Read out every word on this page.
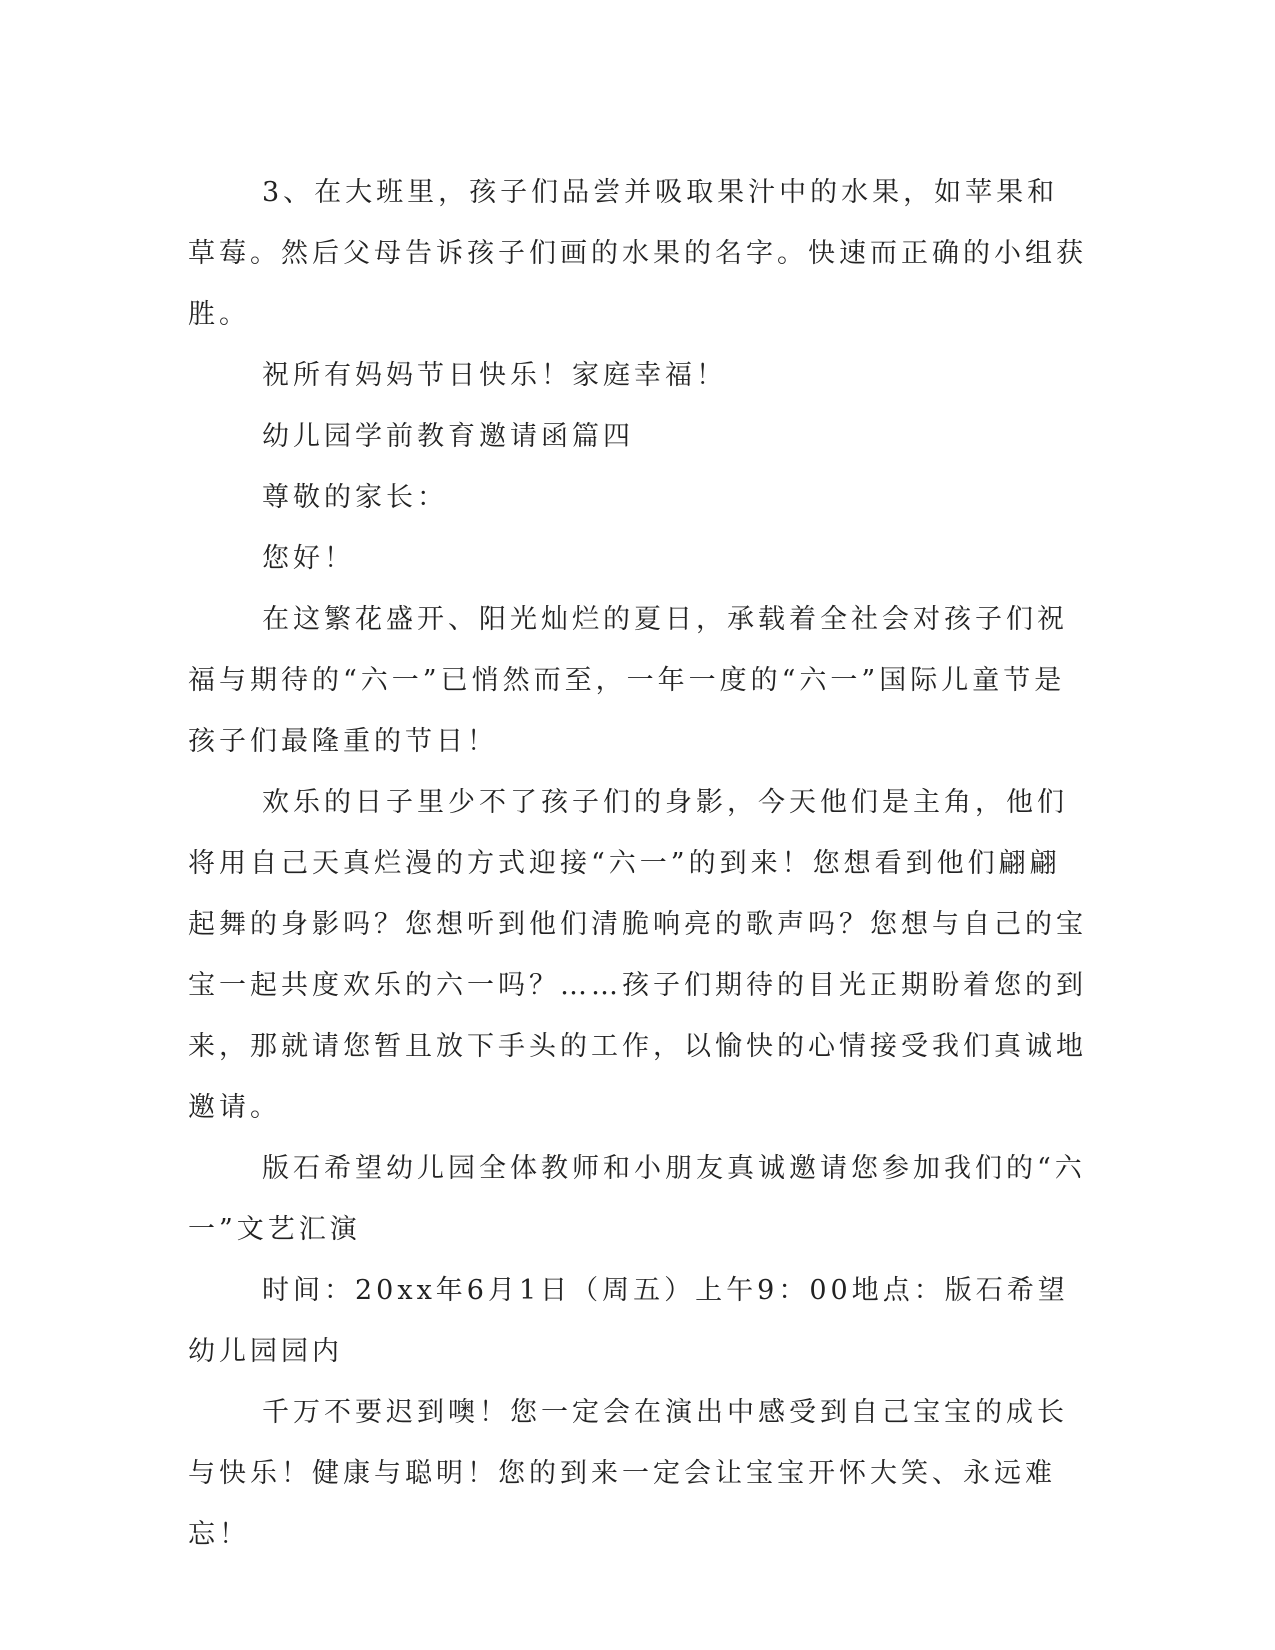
3、在大班里，孩子们品尝并吸取果汁中的水果，如苹果和草莓。然后父母告诉孩子们画的水果的名字。快速而正确的小组获胜。

祝所有妈妈节日快乐！家庭幸福！

幼儿园学前教育邀请函篇四

尊敬的家长：

您好！

在这繁花盛开、阳光灿烂的夏日，承载着全社会对孩子们祝福与期待的“六一”已悄然而至，一年一度的“六一”国际儿童节是孩子们最隆重的节日！

欢乐的日子里少不了孩子们的身影，今天他们是主角，他们将用自己天真烂漫的方式迎接“六一”的到来！您想看到他们翩翩起舞的身影吗？您想听到他们清脆响亮的歌声吗？您想与自己的宝宝一起共度欢乐的六一吗？……孩子们期待的目光正期盼着您的到来，那就请您暂且放下手头的工作，以愉快的心情接受我们真诚地邀请。

版石希望幼儿园全体教师和小朋友真诚邀请您参加我们的“六一”文艺汇演

时间：20xx年6月1日（周五）上午9：00地点：版石希望幼儿园园内

千万不要迟到噢！您一定会在演出中感受到自己宝宝的成长与快乐！健康与聪明！您的到来一定会让宝宝开怀大笑、永远难忘！
